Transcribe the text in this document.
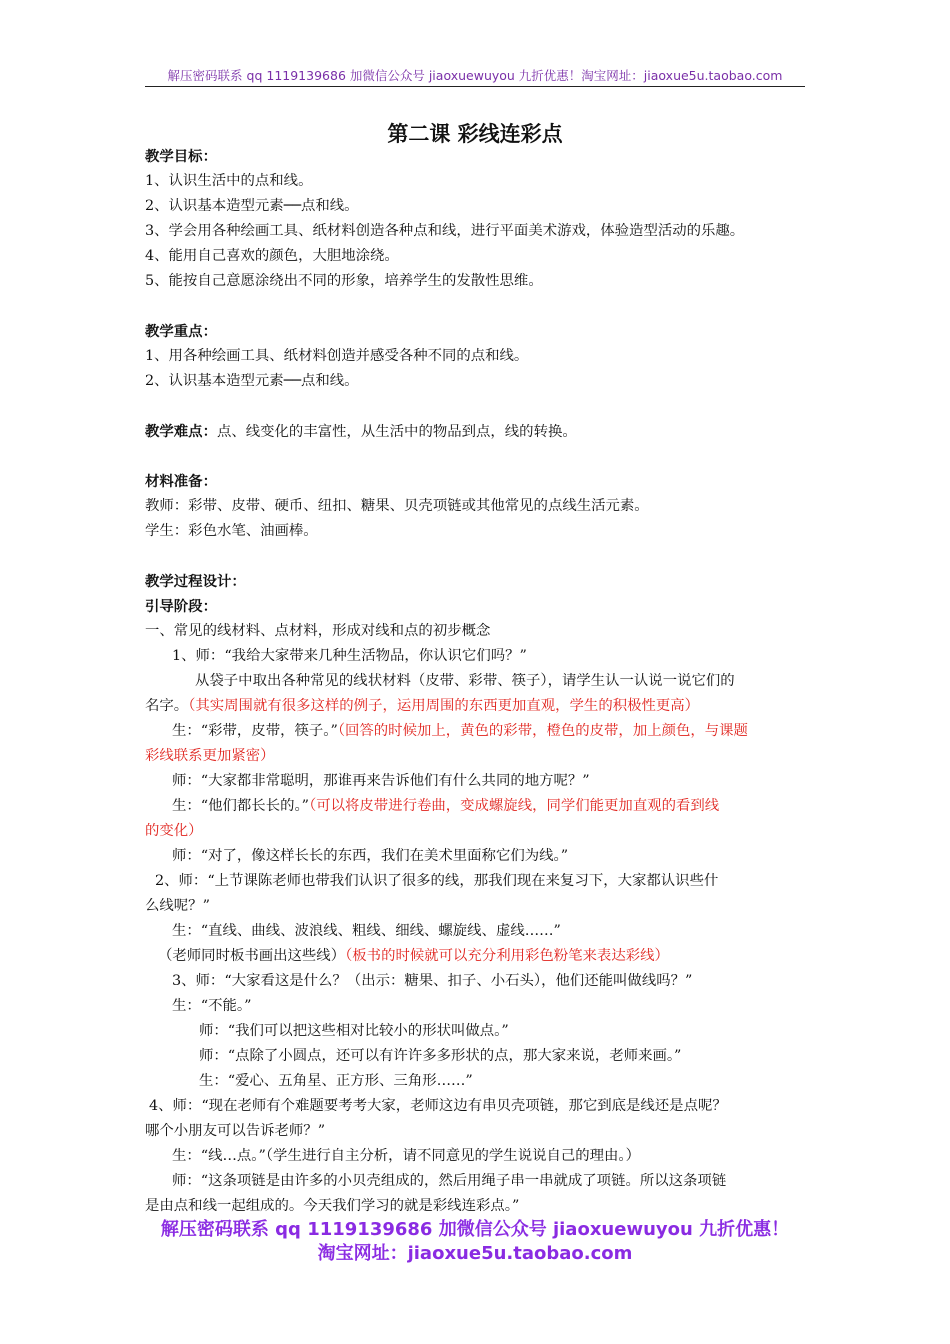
解压密码联系 qq 1119139686 加微信公众号 jiaoxuewuyou 九折优惠！淘宝网址：jiaoxue5u.taobao.com
第二课 彩线连彩点
教学目标：
1、认识生活中的点和线。
2、认识基本造型元素──点和线。
3、学会用各种绘画工具、纸材料创造各种点和线，进行平面美术游戏，体验造型活动的乐趣。
4、能用自己喜欢的颜色，大胆地涂绕。
5、能按自己意愿涂绕出不同的形象，培养学生的发散性思维。
教学重点：
1、用各种绘画工具、纸材料创造并感受各种不同的点和线。
2、认识基本造型元素──点和线。
教学难点：点、线变化的丰富性，从生活中的物品到点，线的转换。
材料准备：
教师：彩带、皮带、硬币、纽扣、糖果、贝壳项链或其他常见的点线生活元素。
学生：彩色水笔、油画棒。
教学过程设计：
引导阶段：
一、常见的线材料、点材料，形成对线和点的初步概念
1、师：“我给大家带来几种生活物品，你认识它们吗？”
从袋子中取出各种常见的线状材料（皮带、彩带、筷子），请学生认一认说一说它们的
名字。（其实周围就有很多这样的例子，运用周围的东西更加直观，学生的积极性更高）
生：“彩带，皮带，筷子。”（回答的时候加上，黄色的彩带，橙色的皮带，加上颜色，与课题
彩线联系更加紧密）
师：“大家都非常聪明，那谁再来告诉他们有什么共同的地方呢？”
生：“他们都长长的。”（可以将皮带进行卷曲，变成螺旋线，同学们能更加直观的看到线
的变化）
师：“对了，像这样长长的东西，我们在美术里面称它们为线。”
2、师：“上节课陈老师也带我们认识了很多的线，那我们现在来复习下，大家都认识些什
么线呢？”
生：“直线、曲线、波浪线、粗线、细线、螺旋线、虚线……”
（老师同时板书画出这些线）（板书的时候就可以充分利用彩色粉笔来表达彩线）
3、师：“大家看这是什么？（出示：糖果、扣子、小石头），他们还能叫做线吗？”
生：“不能。”
师：“我们可以把这些相对比较小的形状叫做点。”
师：“点除了小圆点，还可以有许许多多形状的点，那大家来说，老师来画。”
生：“爱心、五角星、正方形、三角形……”
4、师：“现在老师有个难题要考考大家，老师这边有串贝壳项链，那它到底是线还是点呢？
哪个小朋友可以告诉老师？”
生：“线…点。”（学生进行自主分析，请不同意见的学生说说自己的理由。）
师：“这条项链是由许多的小贝壳组成的，然后用绳子串一串就成了项链。所以这条项链
是由点和线一起组成的。今天我们学习的就是彩线连彩点。”
解压密码联系 qq 1119139686 加微信公众号 jiaoxuewuyou 九折优惠！
淘宝网址：jiaoxue5u.taobao.com
